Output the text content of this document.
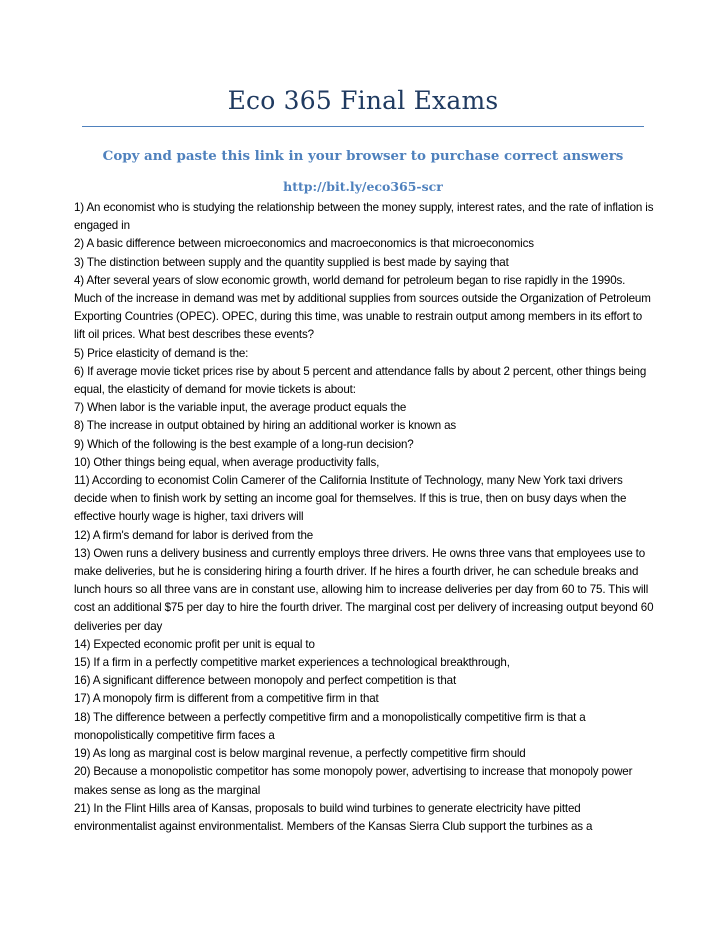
Eco 365 Final Exams
Copy and paste this link in your browser to purchase correct answers
http://bit.ly/eco365-scr
1) An economist who is studying the relationship between the money supply, interest rates, and the rate of inflation is engaged in
2) A basic difference between microeconomics and macroeconomics is that microeconomics
3) The distinction between supply and the quantity supplied is best made by saying that
4) After several years of slow economic growth, world demand for petroleum began to rise rapidly in the 1990s. Much of the increase in demand was met by additional supplies from sources outside the Organization of Petroleum Exporting Countries (OPEC). OPEC, during this time, was unable to restrain output among members in its effort to lift oil prices. What best describes these events?
5) Price elasticity of demand is the:
6) If average movie ticket prices rise by about 5 percent and attendance falls by about 2 percent, other things being equal, the elasticity of demand for movie tickets is about:
7) When labor is the variable input, the average product equals the
8) The increase in output obtained by hiring an additional worker is known as
9) Which of the following is the best example of a long-run decision?
10) Other things being equal, when average productivity falls,
11) According to economist Colin Camerer of the California Institute of Technology, many New York taxi drivers decide when to finish work by setting an income goal for themselves. If this is true, then on busy days when the effective hourly wage is higher, taxi drivers will
12) A firm's demand for labor is derived from the
13) Owen runs a delivery business and currently employs three drivers. He owns three vans that employees use to make deliveries, but he is considering hiring a fourth driver. If he hires a fourth driver, he can schedule breaks and lunch hours so all three vans are in constant use, allowing him to increase deliveries per day from 60 to 75. This will cost an additional $75 per day to hire the fourth driver. The marginal cost per delivery of increasing output beyond 60 deliveries per day
14) Expected economic profit per unit is equal to
15) If a firm in a perfectly competitive market experiences a technological breakthrough,
16) A significant difference between monopoly and perfect competition is that
17) A monopoly firm is different from a competitive firm in that
18) The difference between a perfectly competitive firm and a monopolistically competitive firm is that a monopolistically competitive firm faces a
19) As long as marginal cost is below marginal revenue, a perfectly competitive firm should
20) Because a monopolistic competitor has some monopoly power, advertising to increase that monopoly power makes sense as long as the marginal
21) In the Flint Hills area of Kansas, proposals to build wind turbines to generate electricity have pitted environmentalist against environmentalist. Members of the Kansas Sierra Club support the turbines as a
